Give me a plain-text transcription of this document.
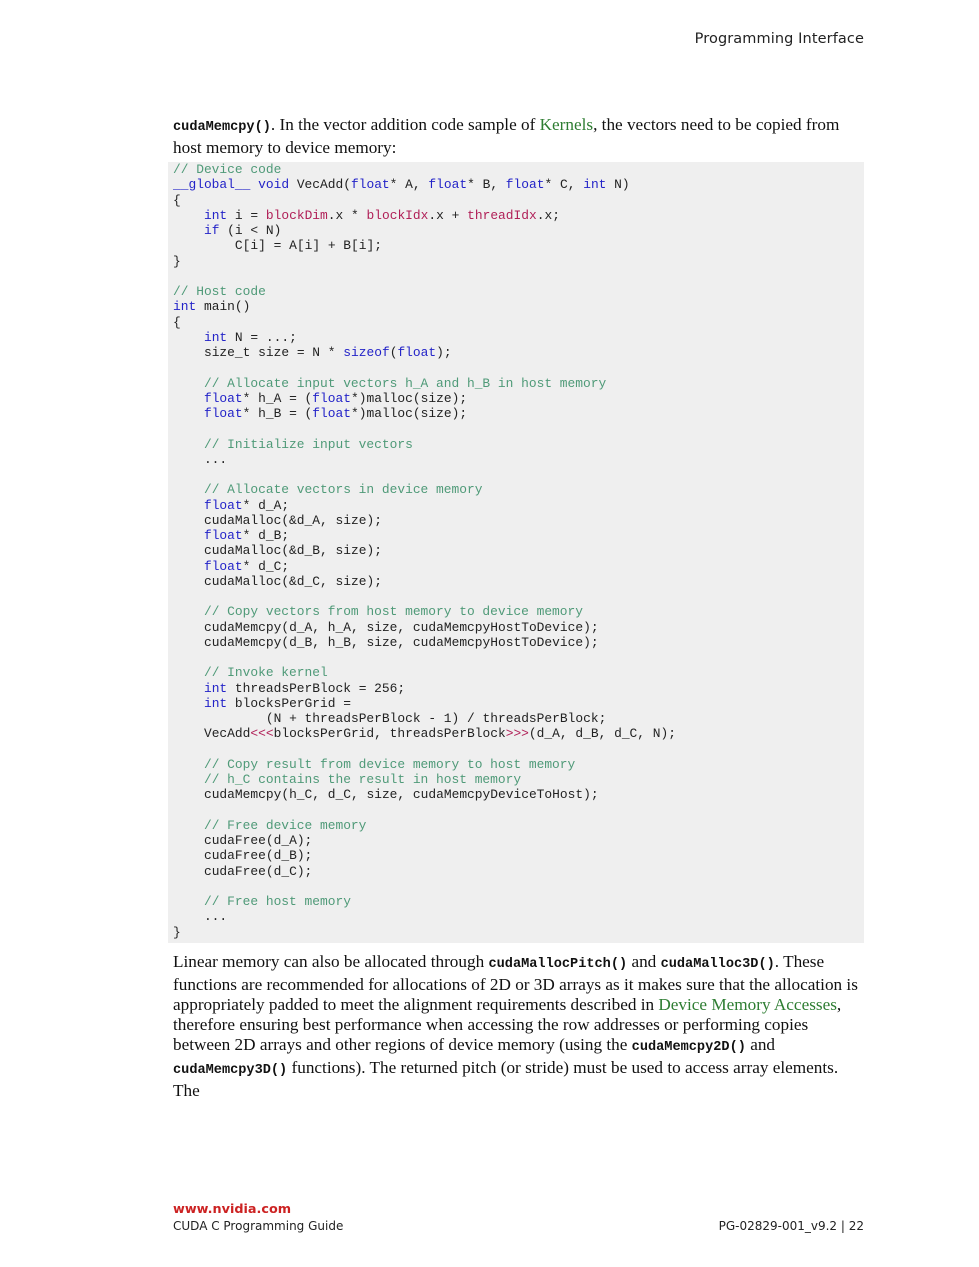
Programming Interface

cudaMemcpy(). In the vector addition code sample of Kernels, the vectors need to be copied from host memory to device memory:

// Device code
__global__ void VecAdd(float* A, float* B, float* C, int N)
{
int i = blockDim.x * blockIdx.x + threadIdx.x;
if (i < N)
C[i] = A[i] + B[i];
}

// Host code
int main()
{
int N = ...;
size_t size = N * sizeof(float);

// Allocate input vectors h_A and h_B in host memory
float* h_A = (float*)malloc(size);
float* h_B = (float*)malloc(size);

// Initialize input vectors
...

// Allocate vectors in device memory
float* d_A;
cudaMalloc(&d_A, size);
float* d_B;
cudaMalloc(&d_B, size);
float* d_C;
cudaMalloc(&d_C, size);

// Copy vectors from host memory to device memory
cudaMemcpy(d_A, h_A, size, cudaMemcpyHostToDevice);
cudaMemcpy(d_B, h_B, size, cudaMemcpyHostToDevice);

// Invoke kernel
int threadsPerBlock = 256;
int blocksPerGrid =
(N + threadsPerBlock - 1) / threadsPerBlock;
VecAdd<<<blocksPerGrid, threadsPerBlock>>>(d_A, d_B, d_C, N);

// Copy result from device memory to host memory
// h_C contains the result in host memory
cudaMemcpy(h_C, d_C, size, cudaMemcpyDeviceToHost);

// Free device memory
cudaFree(d_A);
cudaFree(d_B);
cudaFree(d_C);

// Free host memory
...
}

Linear memory can also be allocated through cudaMallocPitch() and cudaMalloc3D(). These functions are recommended for allocations of 2D or 3D arrays as it makes sure that the allocation is appropriately padded to meet the alignment requirements described in Device Memory Accesses, therefore ensuring best performance when accessing the row addresses or performing copies between 2D arrays and other regions of device memory (using the cudaMemcpy2D() and cudaMemcpy3D() functions). The returned pitch (or stride) must be used to access array elements. The

www.nvidia.com
CUDA C Programming Guide	PG-02829-001_v9.2 | 22
